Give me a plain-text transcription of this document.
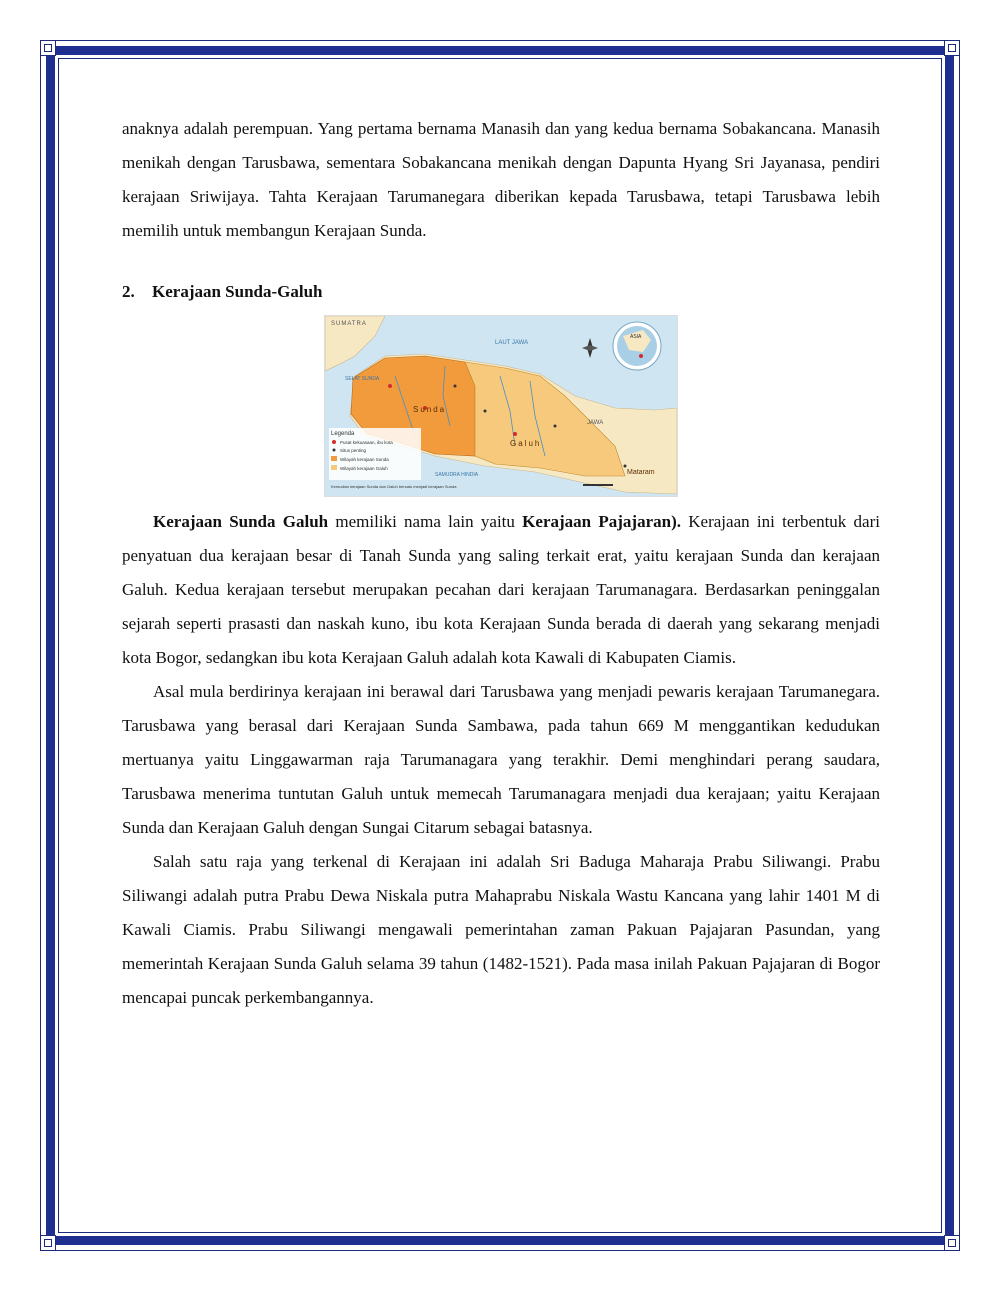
anaknya adalah perempuan. Yang pertama bernama Manasih dan yang kedua bernama Sobakancana. Manasih menikah dengan Tarusbawa, sementara Sobakancana menikah dengan Dapunta Hyang Sri Jayanasa, pendiri kerajaan Sriwijaya. Tahta Kerajaan Tarumanegara diberikan kepada Tarusbawa, tetapi Tarusbawa lebih memilih untuk membangun Kerajaan Sunda.

2. Kerajaan Sunda-Galuh
SUMATRA
LAUT JAWA
SELAT SUNDA
Sunda
Galuh
JAWA
SAMUDRA HINDIA	Mataram
ASIA
Legenda
Pusat kekuasaan, ibu kota
Situs penting
Wilayah kerajaan Sunda
Wilayah kerajaan Galuh
Kemudian kerajaan Sunda dan Galuh bersatu menjadi kerajaan Sunda

Kerajaan Sunda Galuh memiliki nama lain yaitu Kerajaan Pajajaran). Kerajaan ini terbentuk dari penyatuan dua kerajaan besar di Tanah Sunda yang saling terkait erat, yaitu kerajaan Sunda dan kerajaan Galuh. Kedua kerajaan tersebut merupakan pecahan dari kerajaan Tarumanagara. Berdasarkan peninggalan sejarah seperti prasasti dan naskah kuno, ibu kota Kerajaan Sunda berada di daerah yang sekarang menjadi kota Bogor, sedangkan ibu kota Kerajaan Galuh adalah kota Kawali di Kabupaten Ciamis.

Asal mula berdirinya kerajaan ini berawal dari Tarusbawa yang menjadi pewaris kerajaan Tarumanegara. Tarusbawa yang berasal dari Kerajaan Sunda Sambawa, pada tahun 669 M menggantikan kedudukan mertuanya yaitu Linggawarman raja Tarumanagara yang terakhir. Demi menghindari perang saudara, Tarusbawa menerima tuntutan Galuh untuk memecah Tarumanagara menjadi dua kerajaan; yaitu Kerajaan Sunda dan Kerajaan Galuh dengan Sungai Citarum sebagai batasnya.

Salah satu raja yang terkenal di Kerajaan ini adalah Sri Baduga Maharaja Prabu Siliwangi. Prabu Siliwangi adalah putra Prabu Dewa Niskala putra Mahaprabu Niskala Wastu Kancana yang lahir 1401 M di Kawali Ciamis. Prabu Siliwangi mengawali pemerintahan zaman Pakuan Pajajaran Pasundan, yang memerintah Kerajaan Sunda Galuh selama 39 tahun (1482-1521). Pada masa inilah Pakuan Pajajaran di Bogor mencapai puncak perkembangannya.
